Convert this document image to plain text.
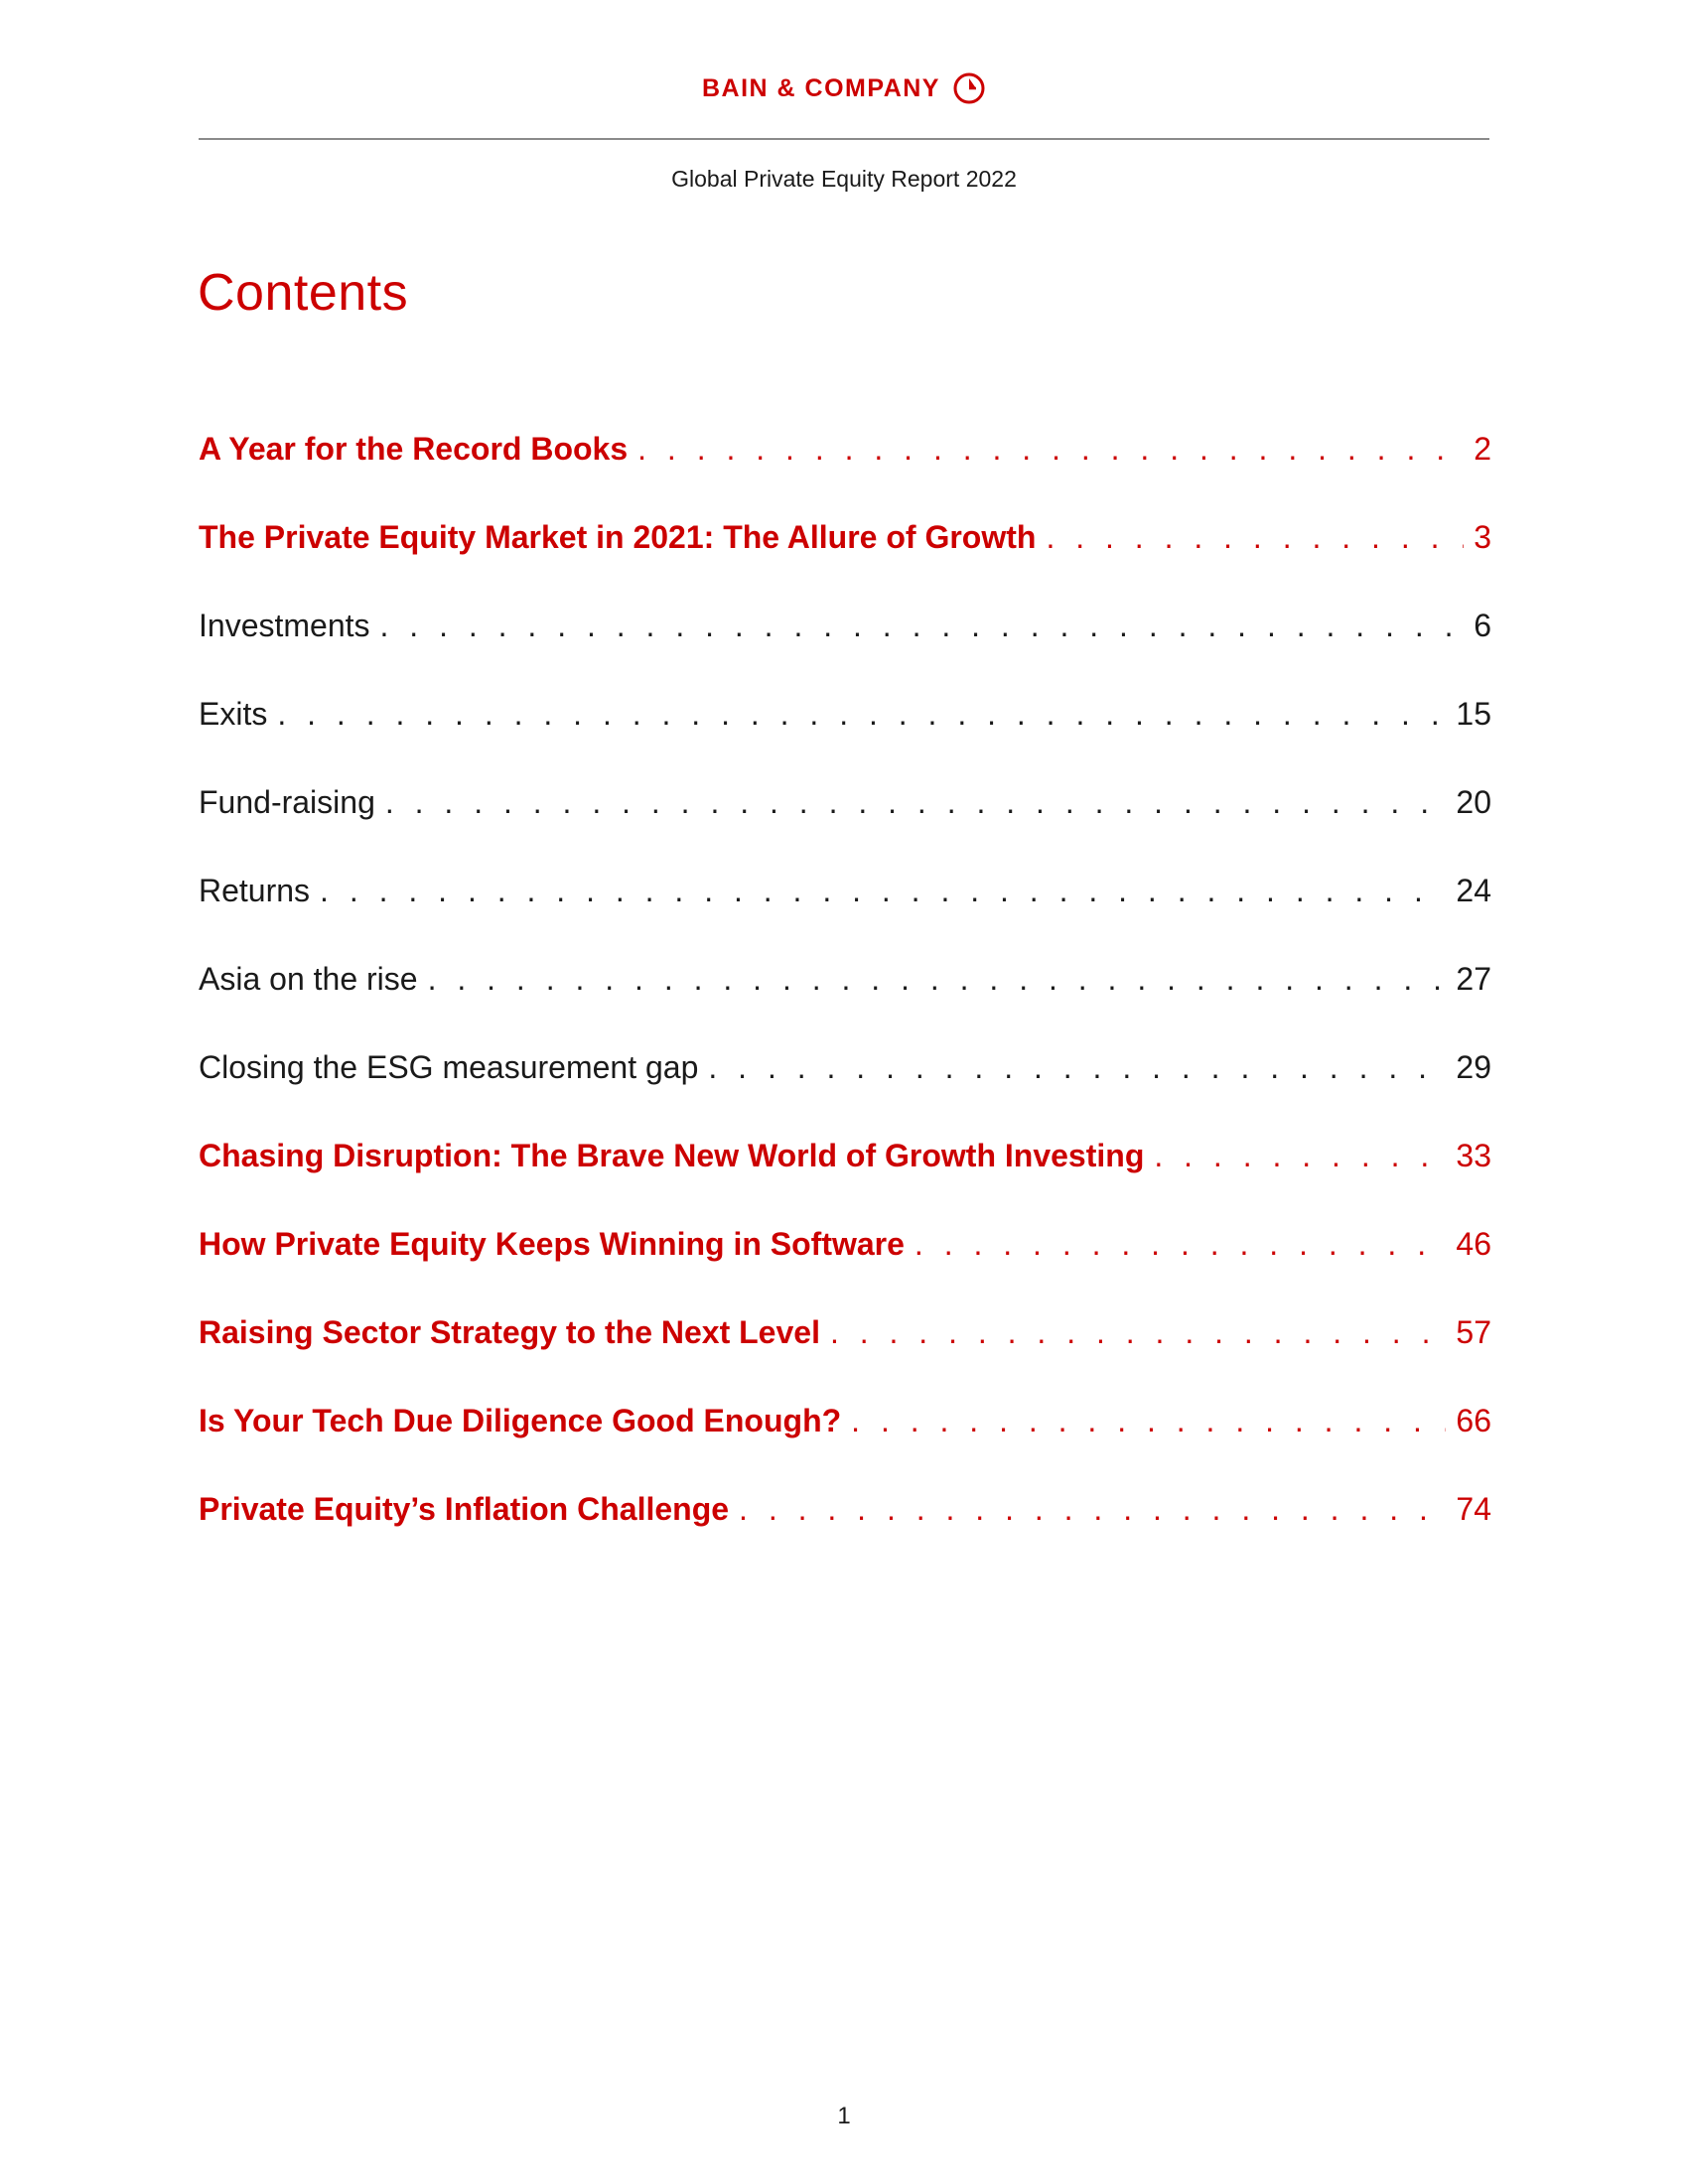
BAIN & COMPANY
Global Private Equity Report 2022
Contents
A Year for the Record Books . . .	2
The Private Equity Market in 2021: The Allure of Growth . . .	3
Investments . . .	6
Exits . . .	15
Fund-raising . . .	20
Returns . . .	24
Asia on the rise . . .	27
Closing the ESG measurement gap . . .	29
Chasing Disruption: The Brave New World of Growth Investing . . .	33
How Private Equity Keeps Winning in Software . . .	46
Raising Sector Strategy to the Next Level . . .	57
Is Your Tech Due Diligence Good Enough? . . .	66
Private Equity’s Inflation Challenge . . .	74
1
